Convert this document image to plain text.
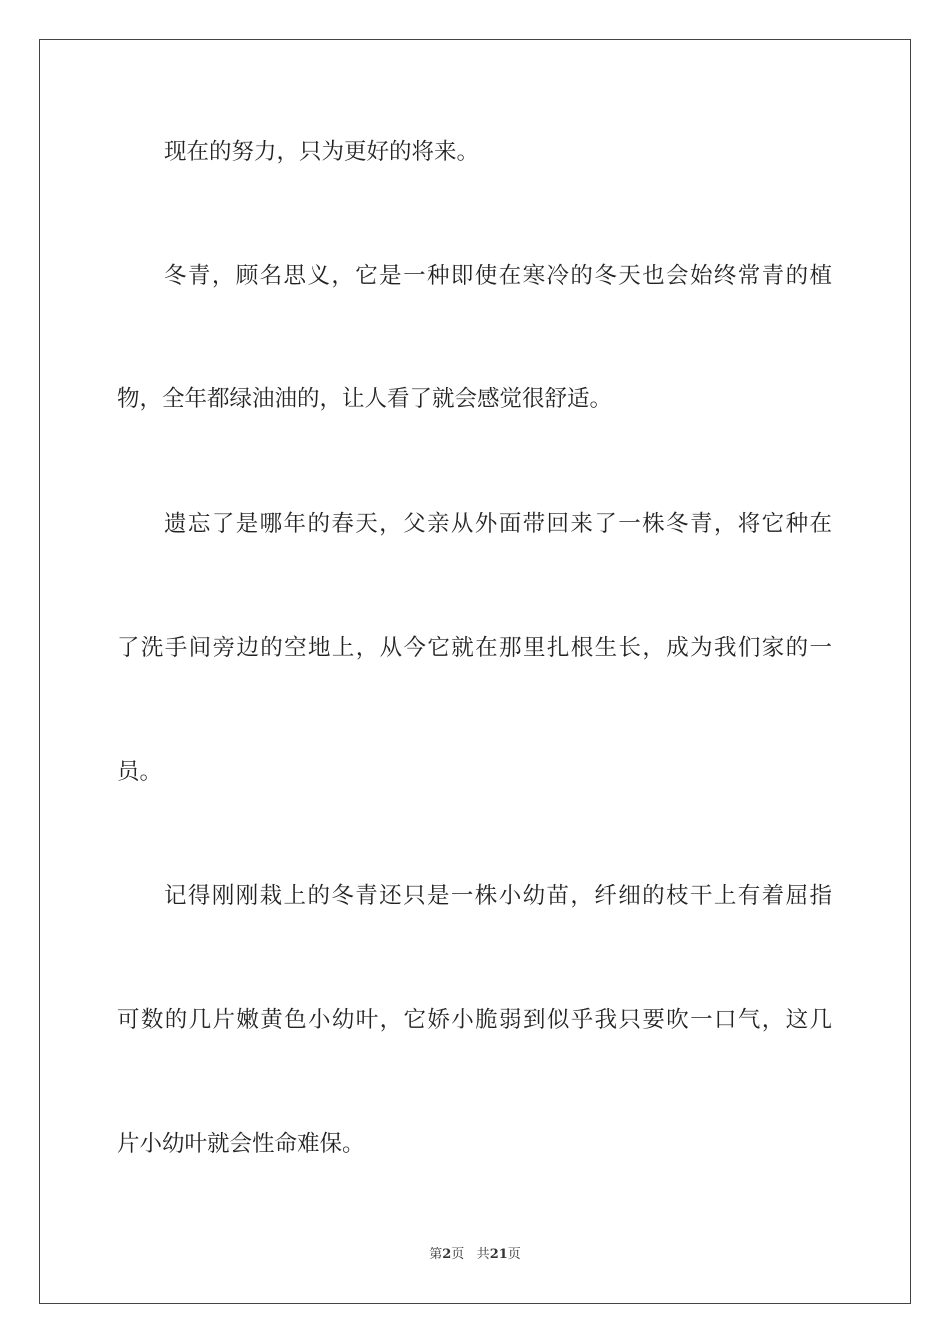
现在的努力，只为更好的将来。
冬青，顾名思义，它是一种即使在寒冷的冬天也会始终常青的植
物，全年都绿油油的，让人看了就会感觉很舒适。
遗忘了是哪年的春天，父亲从外面带回来了一株冬青，将它种在
了洗手间旁边的空地上，从今它就在那里扎根生长，成为我们家的一
员。
记得刚刚栽上的冬青还只是一株小幼苗，纤细的枝干上有着屈指
可数的几片嫩黄色小幼叶，它娇小脆弱到似乎我只要吹一口气，这几
片小幼叶就会性命难保。
第2页 共21页
